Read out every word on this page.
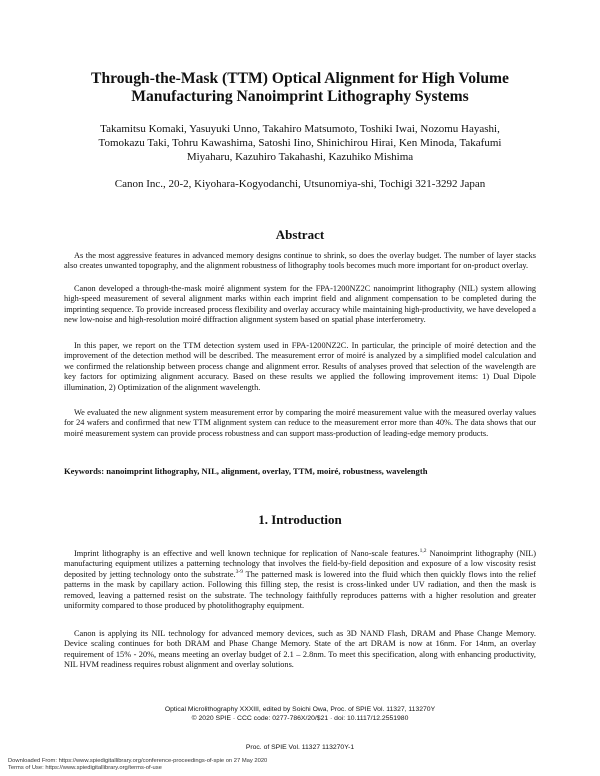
Through-the-Mask (TTM) Optical Alignment for High Volume
Manufacturing Nanoimprint Lithography Systems
Takamitsu Komaki, Yasuyuki Unno, Takahiro Matsumoto, Toshiki Iwai, Nozomu Hayashi, Tomokazu Taki, Tohru Kawashima, Satoshi Iino, Shinichirou Hirai, Ken Minoda, Takafumi Miyaharu, Kazuhiro Takahashi, Kazuhiko Mishima
Canon Inc., 20-2, Kiyohara-Kogyodanchi, Utsunomiya-shi, Tochigi 321-3292 Japan
Abstract

As the most aggressive features in advanced memory designs continue to shrink, so does the overlay budget. The number of layer stacks also creates unwanted topography, and the alignment robustness of lithography tools becomes much more important for on-product overlay.

Canon developed a through-the-mask moiré alignment system for the FPA-1200NZ2C nanoimprint lithography (NIL) system allowing high-speed measurement of several alignment marks within each imprint field and alignment compensation to be completed during the imprinting sequence. To provide increased process flexibility and overlay accuracy while maintaining high-productivity, we have developed a new low-noise and high-resolution moiré diffraction alignment system based on spatial phase interferometry.

In this paper, we report on the TTM detection system used in FPA-1200NZ2C. In particular, the principle of moiré detection and the improvement of the detection method will be described. The measurement error of moiré is analyzed by a simplified model calculation and we confirmed the relationship between process change and alignment error. Results of analyses proved that selection of the wavelength are key factors for optimizing alignment accuracy. Based on these results we applied the following improvement items: 1) Dual Dipole illumination, 2) Optimization of the alignment wavelength.

We evaluated the new alignment system measurement error by comparing the moiré measurement value with the measured overlay values for 24 wafers and confirmed that new TTM alignment system can reduce to the measurement error more than 40%. The data shows that our moiré measurement system can provide process robustness and can support mass-production of leading-edge memory products.

Keywords: nanoimprint lithography, NIL, alignment, overlay, TTM, moiré, robustness, wavelength
1. Introduction

Imprint lithography is an effective and well known technique for replication of Nano-scale features.$^{1,2}$ Nanoimprint lithography (NIL) manufacturing equipment utilizes a patterning technology that involves the field-by-field deposition and exposure of a low viscosity resist deposited by jetting technology onto the substrate.$^{3-9}$ The patterned mask is lowered into the fluid which then quickly flows into the relief patterns in the mask by capillary action. Following this filling step, the resist is cross-linked under UV radiation, and then the mask is removed, leaving a patterned resist on the substrate. The technology faithfully reproduces patterns with a higher resolution and greater uniformity compared to those produced by photolithography equipment.

Canon is applying its NIL technology for advanced memory devices, such as 3D NAND Flash, DRAM and Phase Change Memory. Device scaling continues for both DRAM and Phase Change Memory. State of the art DRAM is now at 16nm. For 14nm, an overlay requirement of 15% - 20%, means meeting an overlay budget of 2.1 – 2.8nm. To meet this specification, along with enhancing productivity, NIL HVM readiness requires robust alignment and overlay solutions.

Optical Microlithography XXXIII, edited by Soichi Owa, Proc. of SPIE Vol. 11327, 113270Y
© 2020 SPIE · CCC code: 0277-786X/20/$21 · doi: 10.1117/12.2551980
Proc. of SPIE Vol. 11327 113270Y-1
Downloaded From: https://www.spiedigitallibrary.org/conference-proceedings-of-spie on 27 May 2020
Terms of Use: https://www.spiedigitallibrary.org/terms-of-use
